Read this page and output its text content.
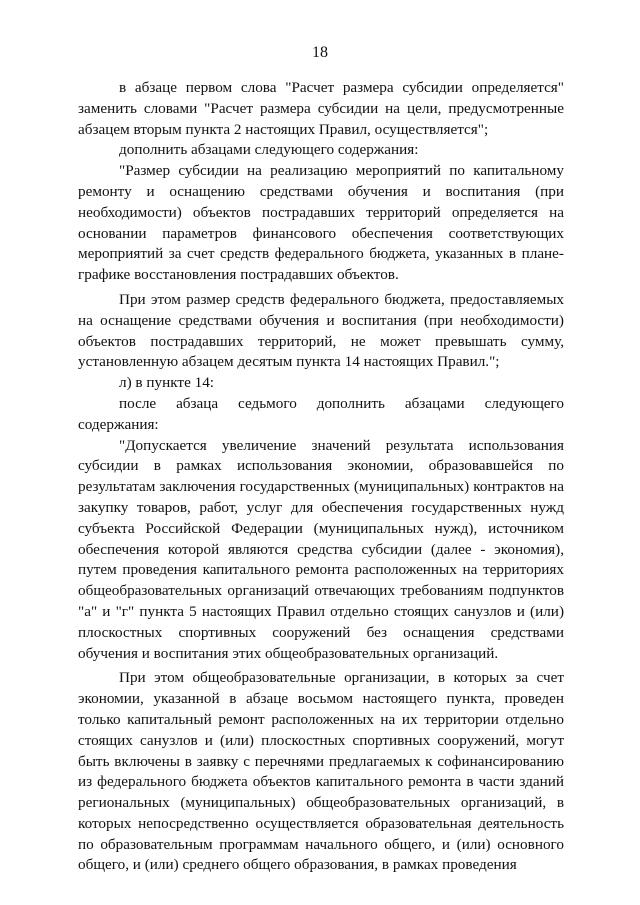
18

в абзаце первом слова "Расчет размера субсидии определяется" заменить словами "Расчет размера субсидии на цели, предусмотренные абзацем вторым пункта 2 настоящих Правил, осуществляется";

дополнить абзацами следующего содержания:

"Размер субсидии на реализацию мероприятий по капитальному ремонту и оснащению средствами обучения и воспитания (при необходимости) объектов пострадавших территорий определяется на основании параметров финансового обеспечения соответствующих мероприятий за счет средств федерального бюджета, указанных в плане-графике восстановления пострадавших объектов.

При этом размер средств федерального бюджета, предоставляемых на оснащение средствами обучения и воспитания (при необходимости) объектов пострадавших территорий, не может превышать сумму, установленную абзацем десятым пункта 14 настоящих Правил.";

л) в пункте 14:

после абзаца седьмого дополнить абзацами следующего содержания:

"Допускается увеличение значений результата использования субсидии в рамках использования экономии, образовавшейся по результатам заключения государственных (муниципальных) контрактов на закупку товаров, работ, услуг для обеспечения государственных нужд субъекта Российской Федерации (муниципальных нужд), источником обеспечения которой являются средства субсидии (далее - экономия), путем проведения капитального ремонта расположенных на территориях общеобразовательных организаций отвечающих требованиям подпунктов "а" и "г" пункта 5 настоящих Правил отдельно стоящих санузлов и (или) плоскостных спортивных сооружений без оснащения средствами обучения и воспитания этих общеобразовательных организаций.

При этом общеобразовательные организации, в которых за счет экономии, указанной в абзаце восьмом настоящего пункта, проведен только капитальный ремонт расположенных на их территории отдельно стоящих санузлов и (или) плоскостных спортивных сооружений, могут быть включены в заявку с перечнями предлагаемых к софинансированию из федерального бюджета объектов капитального ремонта в части зданий региональных (муниципальных) общеобразовательных организаций, в которых непосредственно осуществляется образовательная деятельность по образовательным программам начального общего, и (или) основного общего, и (или) среднего общего образования, в рамках проведения
